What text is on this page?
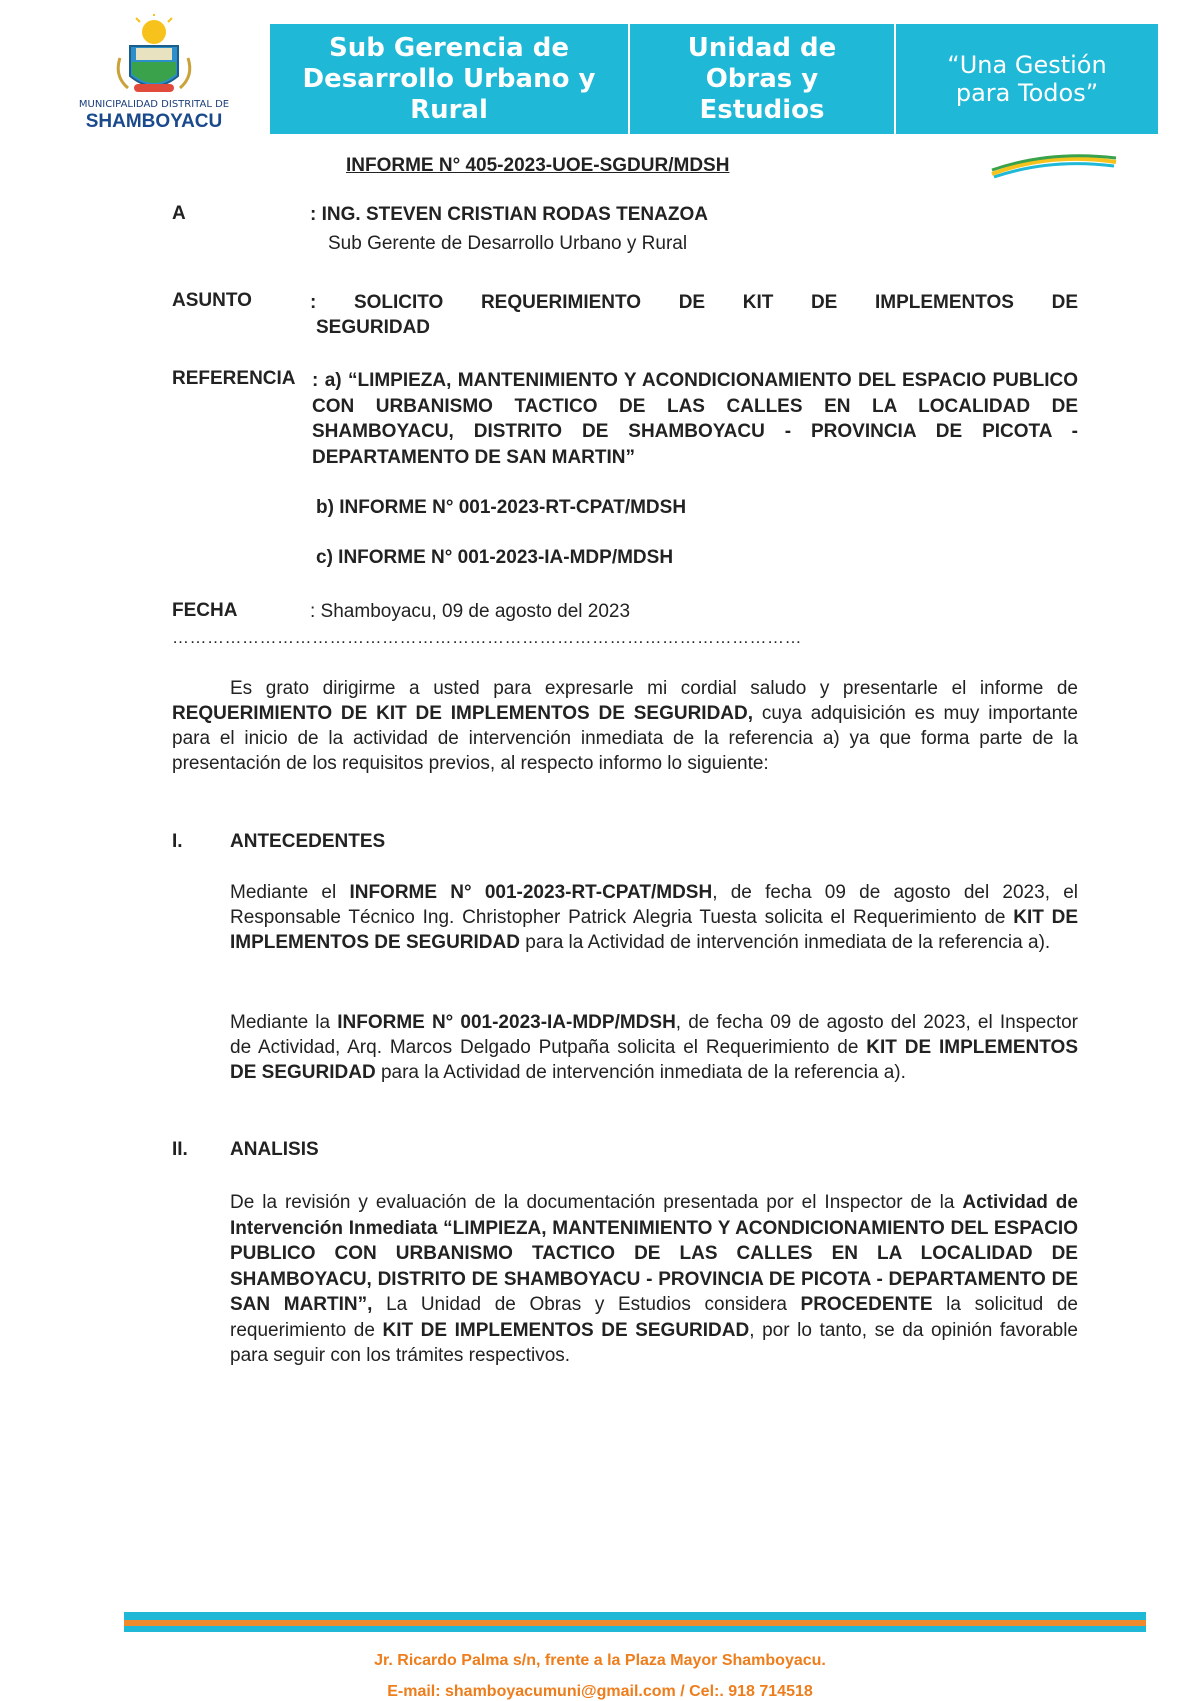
MUNICIPALIDAD DISTRITAL DE
SHAMBOYACU
Sub Gerencia de
Desarrollo Urbano y
Rural
Unidad de
Obras y
Estudios
“Una Gestión
para Todos”
INFORME N° 405-2023-UOE-SGDUR/MDSH
A	: ING. STEVEN CRISTIAN RODAS TENAZOA
Sub Gerente de Desarrollo Urbano y Rural
ASUNTO	: SOLICITO REQUERIMIENTO DE KIT DE IMPLEMENTOS DE
SEGURIDAD
REFERENCIA : a) “LIMPIEZA, MANTENIMIENTO Y ACONDICIONAMIENTO DEL ESPACIO PUBLICO CON URBANISMO TACTICO DE LAS CALLES EN LA LOCALIDAD DE SHAMBOYACU, DISTRITO DE SHAMBOYACU - PROVINCIA DE PICOTA - DEPARTAMENTO DE SAN MARTIN”
b) INFORME N° 001-2023-RT-CPAT/MDSH
c) INFORME N° 001-2023-IA-MDP/MDSH
FECHA	: Shamboyacu, 09 de agosto del 2023
………………………………………………………………………………………………
Es grato dirigirme a usted para expresarle mi cordial saludo y presentarle el informe de REQUERIMIENTO DE KIT DE IMPLEMENTOS DE SEGURIDAD, cuya adquisición es muy importante para el inicio de la actividad de intervención inmediata de la referencia a) ya que forma parte de la presentación de los requisitos previos, al respecto informo lo siguiente:
I. ANTECEDENTES
Mediante el INFORME N° 001-2023-RT-CPAT/MDSH, de fecha 09 de agosto del 2023, el Responsable Técnico Ing. Christopher Patrick Alegria Tuesta solicita el Requerimiento de KIT DE IMPLEMENTOS DE SEGURIDAD para la Actividad de intervención inmediata de la referencia a).
Mediante la INFORME N° 001-2023-IA-MDP/MDSH, de fecha 09 de agosto del 2023, el Inspector de Actividad, Arq. Marcos Delgado Putpaña solicita el Requerimiento de KIT DE IMPLEMENTOS DE SEGURIDAD para la Actividad de intervención inmediata de la referencia a).
II. ANALISIS
De la revisión y evaluación de la documentación presentada por el Inspector de la Actividad de Intervención Inmediata “LIMPIEZA, MANTENIMIENTO Y ACONDICIONAMIENTO DEL ESPACIO PUBLICO CON URBANISMO TACTICO DE LAS CALLES EN LA LOCALIDAD DE SHAMBOYACU, DISTRITO DE SHAMBOYACU - PROVINCIA DE PICOTA - DEPARTAMENTO DE SAN MARTIN”, La Unidad de Obras y Estudios considera PROCEDENTE la solicitud de requerimiento de KIT DE IMPLEMENTOS DE SEGURIDAD, por lo tanto, se da opinión favorable para seguir con los trámites respectivos.
Jr. Ricardo Palma s/n, frente a la Plaza Mayor Shamboyacu.
E-mail: shamboyacumuni@gmail.com / Cel:. 918 714518
